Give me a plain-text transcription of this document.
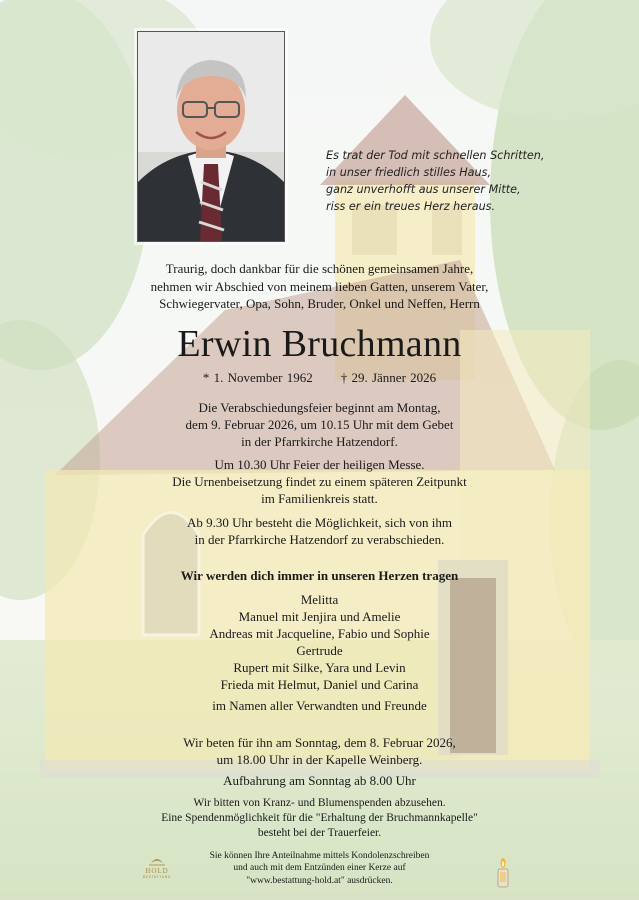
Es trat der Tod mit schnellen Schritten,
in unser friedlich stilles Haus,
ganz unverhofft aus unserer Mitte,
riss er ein treues Herz heraus.
Traurig, doch dankbar für die schönen gemeinsamen Jahre,
nehmen wir Abschied von meinem lieben Gatten, unserem Vater,
Schwiegervater, Opa, Sohn, Bruder, Onkel und Neffen, Herrn
Erwin Bruchmann
* 1. November 1962 † 29. Jänner 2026
Die Verabschiedungsfeier beginnt am Montag,
dem 9. Februar 2026, um 10.15 Uhr mit dem Gebet
in der Pfarrkirche Hatzendorf.
Um 10.30 Uhr Feier der heiligen Messe.
Die Urnenbeisetzung findet zu einem späteren Zeitpunkt
im Familienkreis statt.
Ab 9.30 Uhr besteht die Möglichkeit, sich von ihm
in der Pfarrkirche Hatzendorf zu verabschieden.
Wir werden dich immer in unseren Herzen tragen
Melitta
Manuel mit Jenjira und Amelie
Andreas mit Jacqueline, Fabio und Sophie
Gertrude
Rupert mit Silke, Yara und Levin
Frieda mit Helmut, Daniel und Carina
im Namen aller Verwandten und Freunde
Wir beten für ihn am Sonntag, dem 8. Februar 2026,
um 18.00 Uhr in der Kapelle Weinberg.
Aufbahrung am Sonntag ab 8.00 Uhr
Wir bitten von Kranz- und Blumenspenden abzusehen.
Eine Spendenmöglichkeit für die "Erhaltung der Bruchmannkapelle"
besteht bei der Trauerfeier.
Sie können Ihre Anteilnahme mittels Kondolenzschreiben
und auch mit dem Entzünden einer Kerze auf
"www.bestattung-hold.at" ausdrücken.
HOLD
BESTATTUNG
